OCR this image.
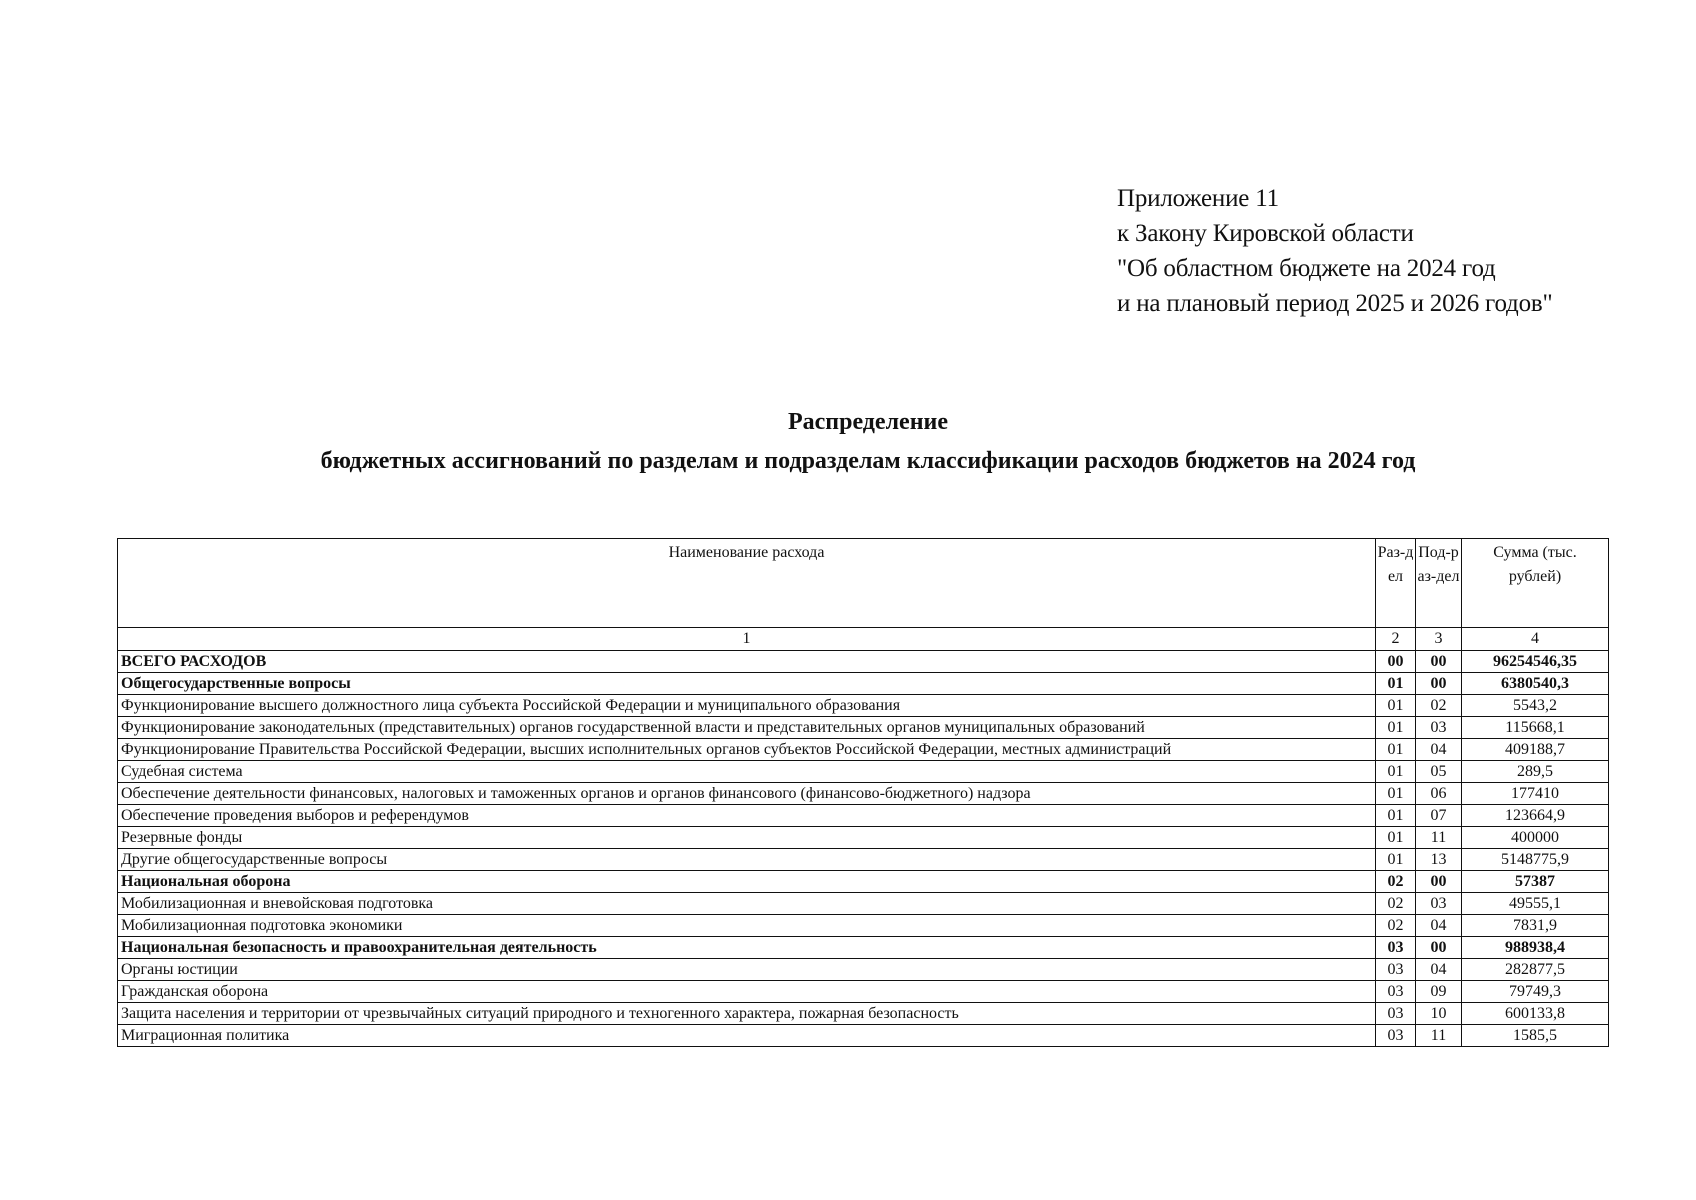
Приложение 11
к Закону Кировской области
"Об областном бюджете на 2024 год
и на плановый период 2025 и 2026 годов"
Распределение
бюджетных ассигнований по разделам и подразделам классификации расходов бюджетов на 2024 год
Наименование расхода	Раз-дел	Под-раз-дел	Сумма (тыс. рублей)
1	2	3	4
ВСЕГО РАСХОДОВ	00	00	96254546,35
Общегосударственные вопросы	01	00	6380540,3
Функционирование высшего должностного лица субъекта Российской Федерации и муниципального образования	01	02	5543,2
Функционирование законодательных (представительных) органов государственной власти и представительных органов муниципальных образований	01	03	115668,1
Функционирование Правительства Российской Федерации, высших исполнительных органов субъектов Российской Федерации, местных администраций	01	04	409188,7
Судебная система	01	05	289,5
Обеспечение деятельности финансовых, налоговых и таможенных органов и органов финансового (финансово-бюджетного) надзора	01	06	177410
Обеспечение проведения выборов и референдумов	01	07	123664,9
Резервные фонды	01	11	400000
Другие общегосударственные вопросы	01	13	5148775,9
Национальная оборона	02	00	57387
Мобилизационная и вневойсковая подготовка	02	03	49555,1
Мобилизационная подготовка экономики	02	04	7831,9
Национальная безопасность и правоохранительная деятельность	03	00	988938,4
Органы юстиции	03	04	282877,5
Гражданская оборона	03	09	79749,3
Защита населения и территории от чрезвычайных ситуаций природного и техногенного характера, пожарная безопасность	03	10	600133,8
Миграционная политика	03	11	1585,5
